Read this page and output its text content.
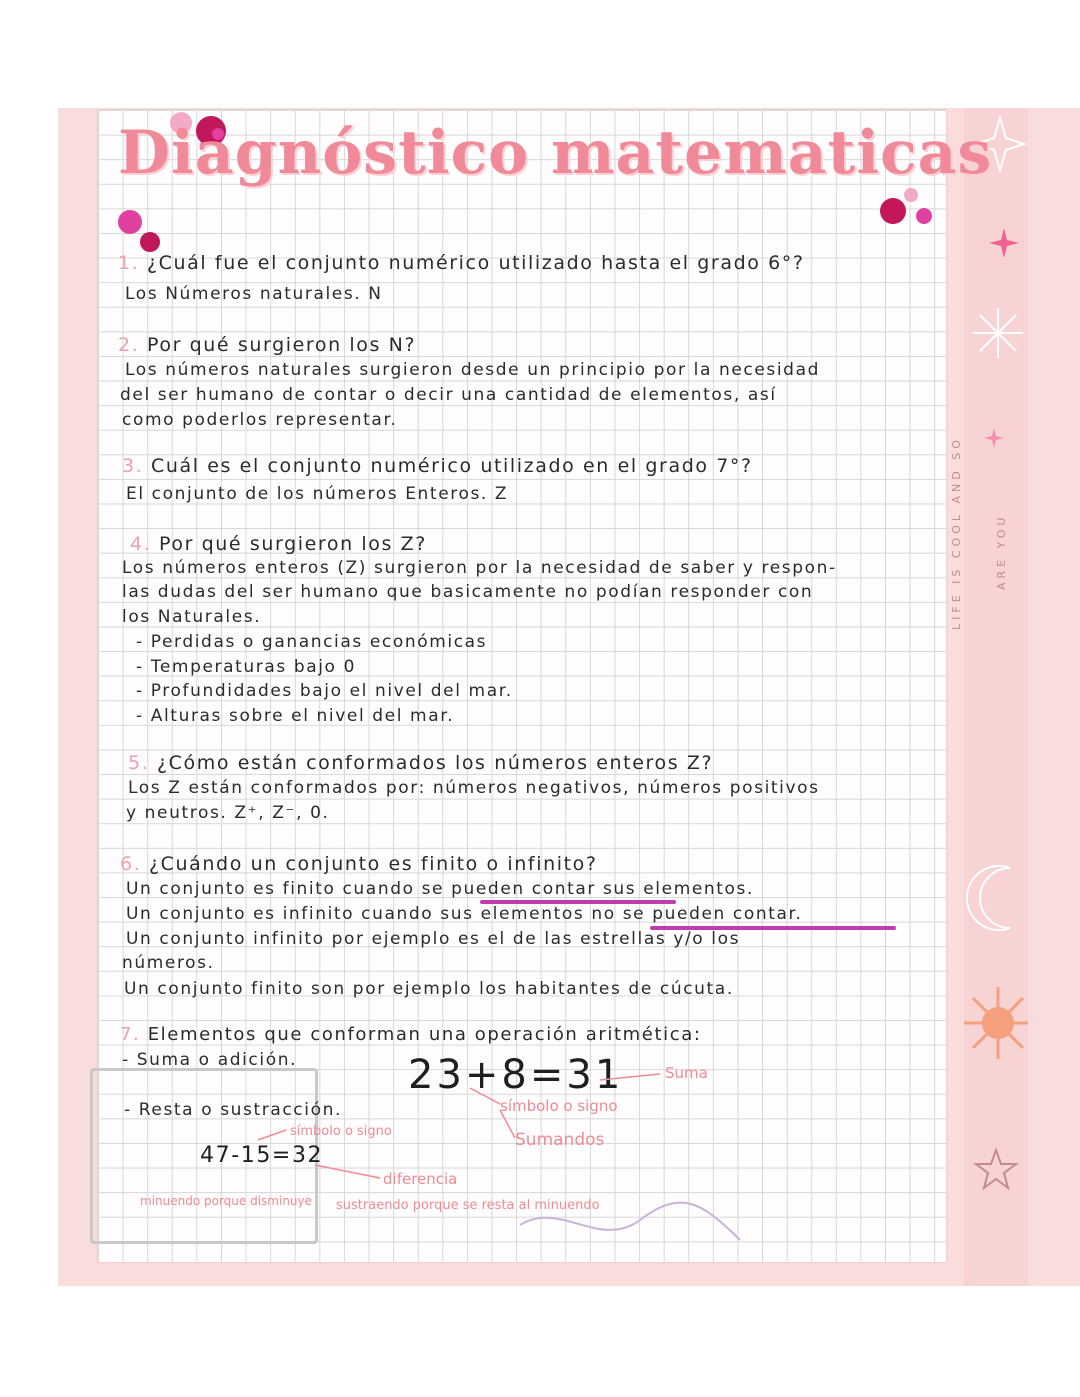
LIFE IS COOL AND SO	ARE YOU

Diagnóstico matematicas

1. ¿Cuál fue el conjunto numérico utilizado hasta el grado 6°?

Los Números naturales. N

2. Por qué surgieron los N?

Los números naturales surgieron desde un principio por la necesidad

del ser humano de contar o decir una cantidad de elementos, así

como poderlos representar.

3. Cuál es el conjunto numérico utilizado en el grado 7°?

El conjunto de los números Enteros. Z

4. Por qué surgieron los Z?

Los números enteros (Z) surgieron por la necesidad de saber y respon-

las dudas del ser humano que basicamente no podían responder con

los Naturales.

- Perdidas o ganancias económicas

- Temperaturas bajo 0

- Profundidades bajo el nivel del mar.

- Alturas sobre el nivel del mar.

5. ¿Cómo están conformados los números enteros Z?

Los Z están conformados por: números negativos, números positivos

y neutros. Z⁺, Z⁻, 0.

6. ¿Cuándo un conjunto es finito o infinito?

Un conjunto es finito cuando se pueden contar sus elementos.

Un conjunto es infinito cuando sus elementos no se pueden contar.

Un conjunto infinito por ejemplo es el de las estrellas y/o los

números.

Un conjunto finito son por ejemplo los habitantes de cúcuta.

7. Elementos que conforman una operación aritmética:

- Suma o adición.	23+8=31	Suma

símbolo o signo

Sumandos

- Resta o sustracción.

47-15=32

símbolo o signo

diferencia

minuendo porque disminuye sustraendo porque se resta al minuendo
